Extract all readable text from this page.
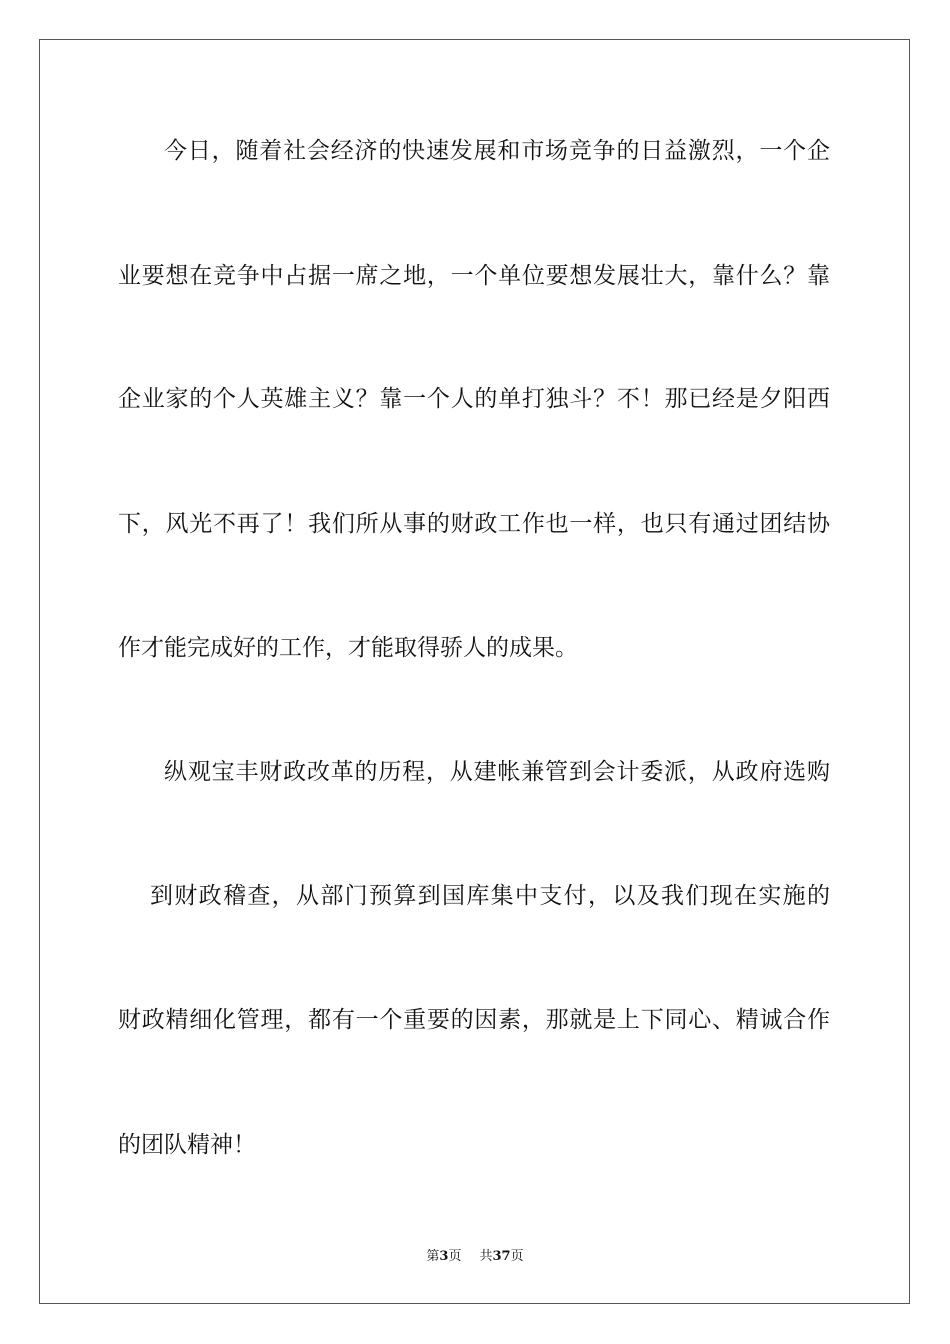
今日，随着社会经济的快速发展和市场竞争的日益激烈，一个企
业要想在竞争中占据一席之地，一个单位要想发展壮大，靠什么？靠
企业家的个人英雄主义？靠一个人的单打独斗？不！那已经是夕阳西
下，风光不再了！我们所从事的财政工作也一样，也只有通过团结协
作才能完成好的工作，才能取得骄人的成果。
纵观宝丰财政改革的历程，从建帐兼管到会计委派，从政府选购
到财政稽查，从部门预算到国库集中支付，以及我们现在实施的
财政精细化管理，都有一个重要的因素，那就是上下同心、精诚合作
的团队精神！
第3页 共37页
